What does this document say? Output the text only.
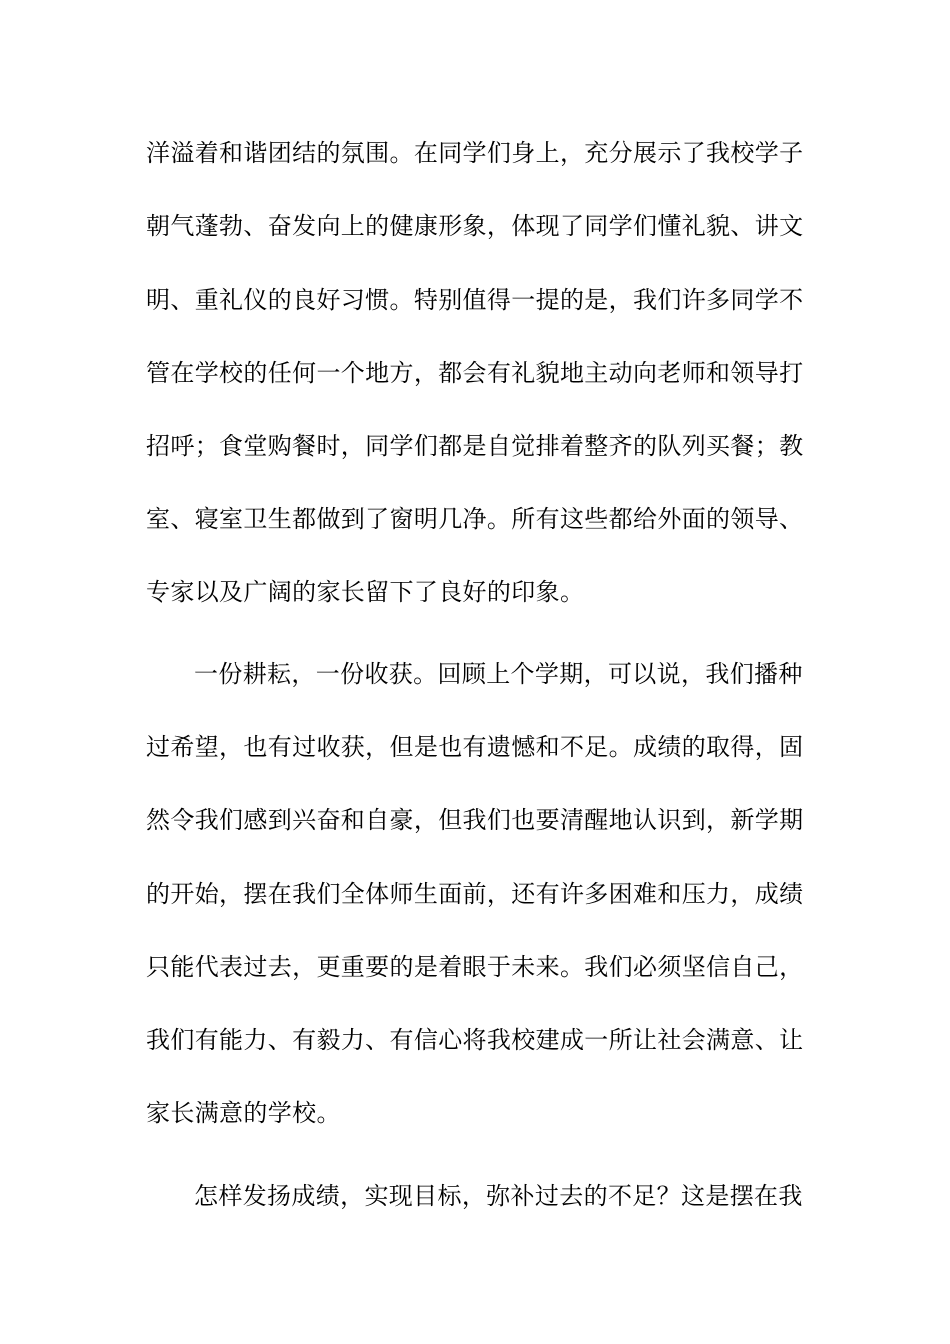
洋溢着和谐团结的氛围。在同学们身上，充分展示了我校学子
朝气蓬勃、奋发向上的健康形象，体现了同学们懂礼貌、讲文
明、重礼仪的良好习惯。特别值得一提的是，我们许多同学不
管在学校的任何一个地方，都会有礼貌地主动向老师和领导打
招呼；食堂购餐时，同学们都是自觉排着整齐的队列买餐；教
室、寝室卫生都做到了窗明几净。所有这些都给外面的领导、
专家以及广阔的家长留下了良好的印象。
一份耕耘，一份收获。回顾上个学期，可以说，我们播种
过希望，也有过收获，但是也有遗憾和不足。成绩的取得，固
然令我们感到兴奋和自豪，但我们也要清醒地认识到，新学期
的开始，摆在我们全体师生面前，还有许多困难和压力，成绩
只能代表过去，更重要的是着眼于未来。我们必须坚信自己，
我们有能力、有毅力、有信心将我校建成一所让社会满意、让
家长满意的学校。
怎样发扬成绩，实现目标，弥补过去的不足？这是摆在我
